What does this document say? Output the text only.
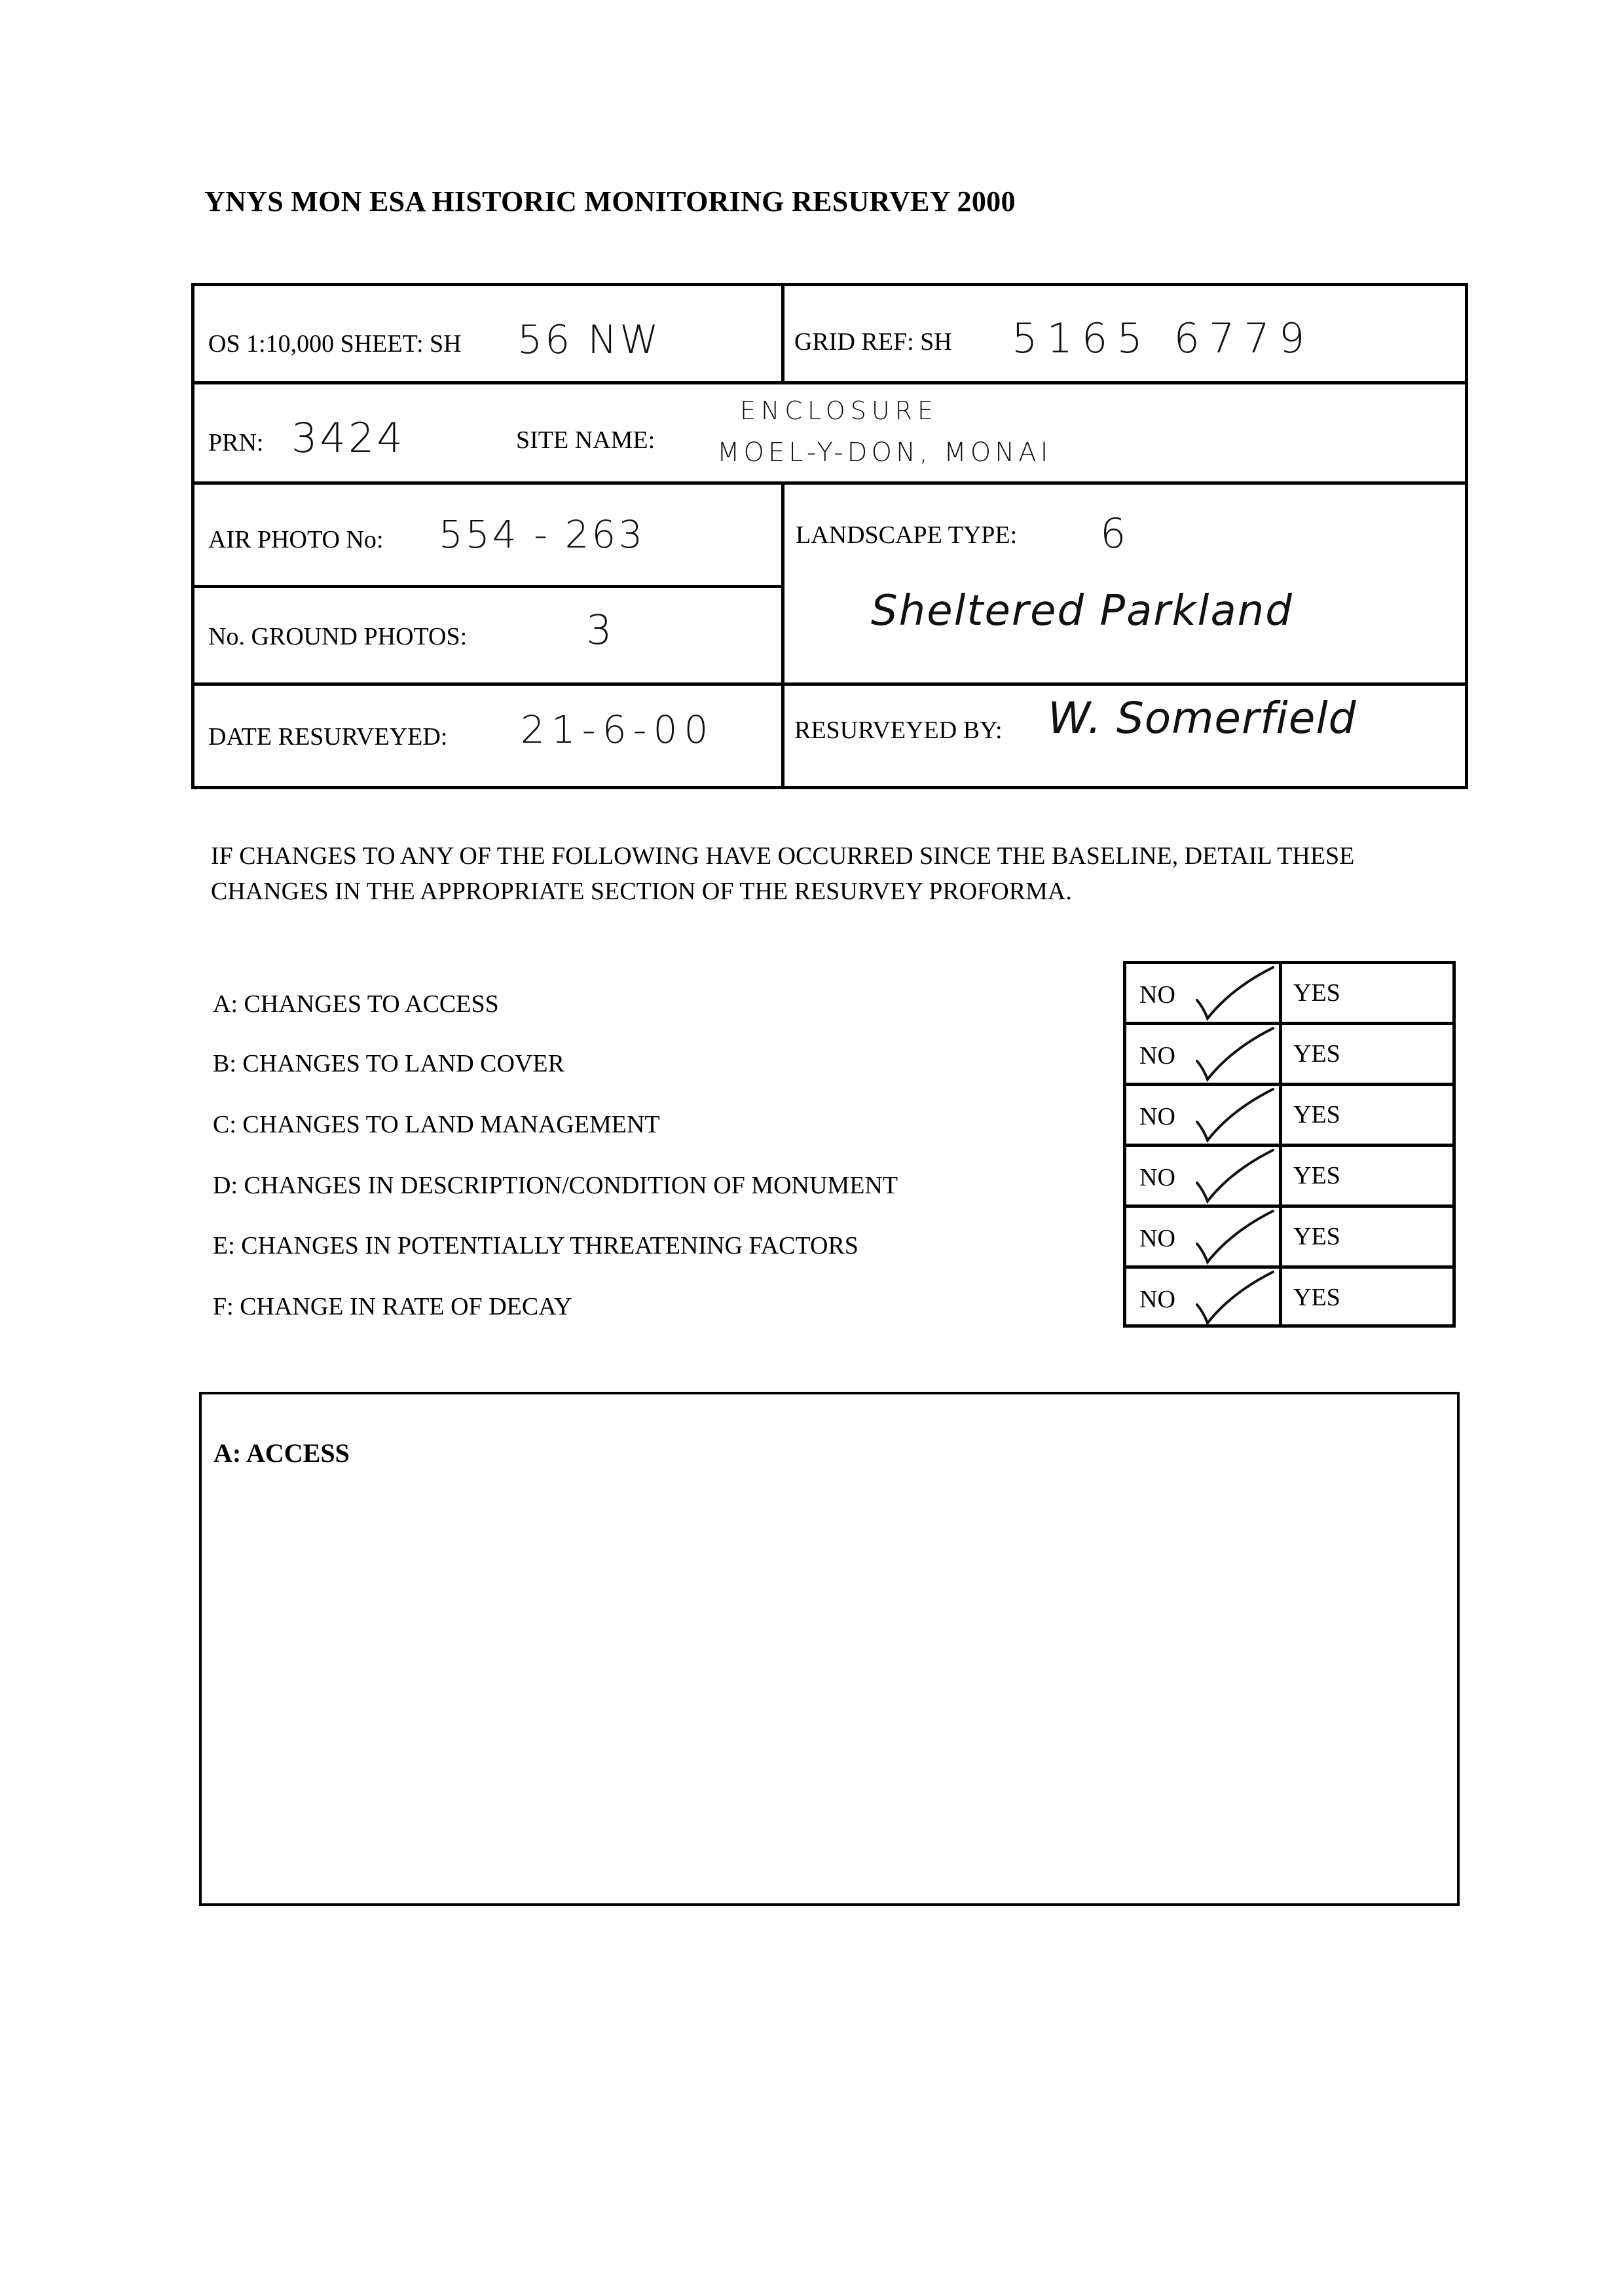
YNYS MON ESA HISTORIC MONITORING RESURVEY 2000
OS 1:10,000 SHEET: SH 56 NW	GRID REF: SH 5165 6779
PRN: 3424	SITE NAME:
ENCLOSURE
MOEL-Y-DON, MONAI
AIR PHOTO No: 554 - 263	LANDSCAPE TYPE: 6
Sheltered Parkland
No. GROUND PHOTOS:	3
DATE RESURVEYED: 21-6-00	RESURVEYED BY: W. Somerfield
IF CHANGES TO ANY OF THE FOLLOWING HAVE OCCURRED SINCE THE BASELINE, DETAIL THESE CHANGES IN THE APPROPRIATE SECTION OF THE RESURVEY PROFORMA.
A: CHANGES TO ACCESS
B: CHANGES TO LAND COVER
C: CHANGES TO LAND MANAGEMENT
D: CHANGES IN DESCRIPTION/CONDITION OF MONUMENT
E: CHANGES IN POTENTIALLY THREATENING FACTORS
F: CHANGE IN RATE OF DECAY
NO	YES
NO	YES
NO	YES
NO	YES
NO	YES
NO	YES
A: ACCESS
